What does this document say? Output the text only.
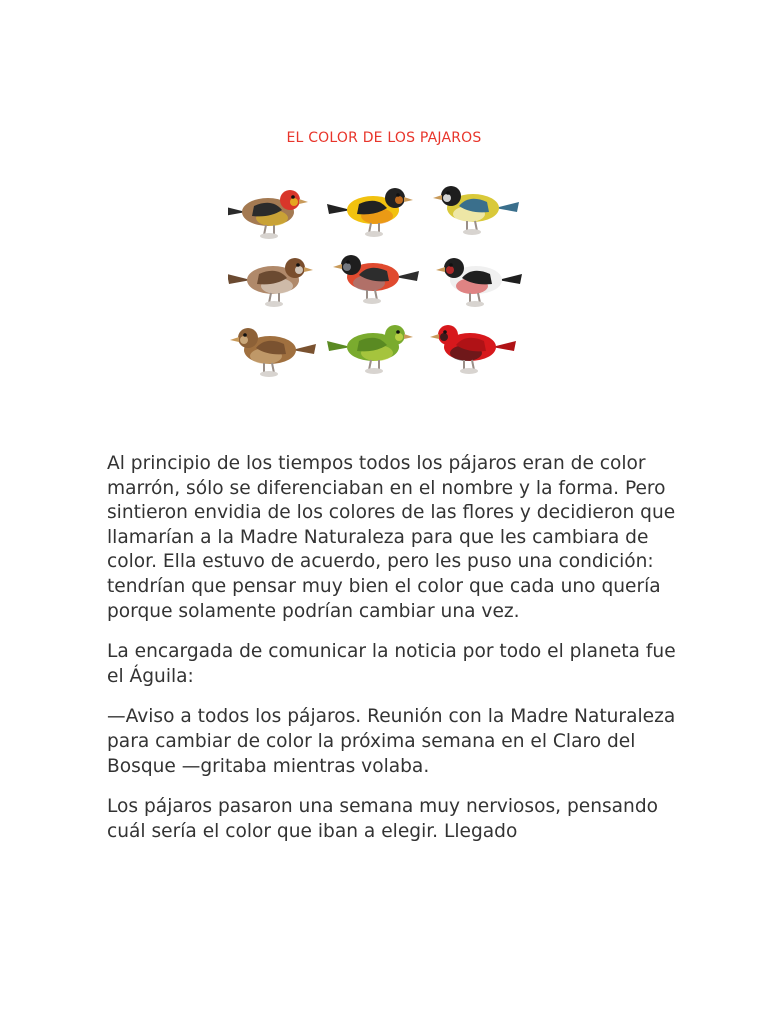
EL COLOR DE LOS PAJAROS

Al principio de los tiempos todos los pájaros eran de color marrón, sólo se diferenciaban en el nombre y la forma. Pero sintieron envidia de los colores de las flores y decidieron que llamarían a la Madre Naturaleza para que les cambiara de color. Ella estuvo de acuerdo, pero les puso una condición: tendrían que pensar muy bien el color que cada uno quería porque solamente podrían cambiar una vez.

La encargada de comunicar la noticia por todo el planeta fue el Águila:

—Aviso a todos los pájaros. Reunión con la Madre Naturaleza para cambiar de color la próxima semana en el Claro del Bosque —gritaba mientras volaba.

Los pájaros pasaron una semana muy nerviosos, pensando cuál sería el color que iban a elegir. Llegado
